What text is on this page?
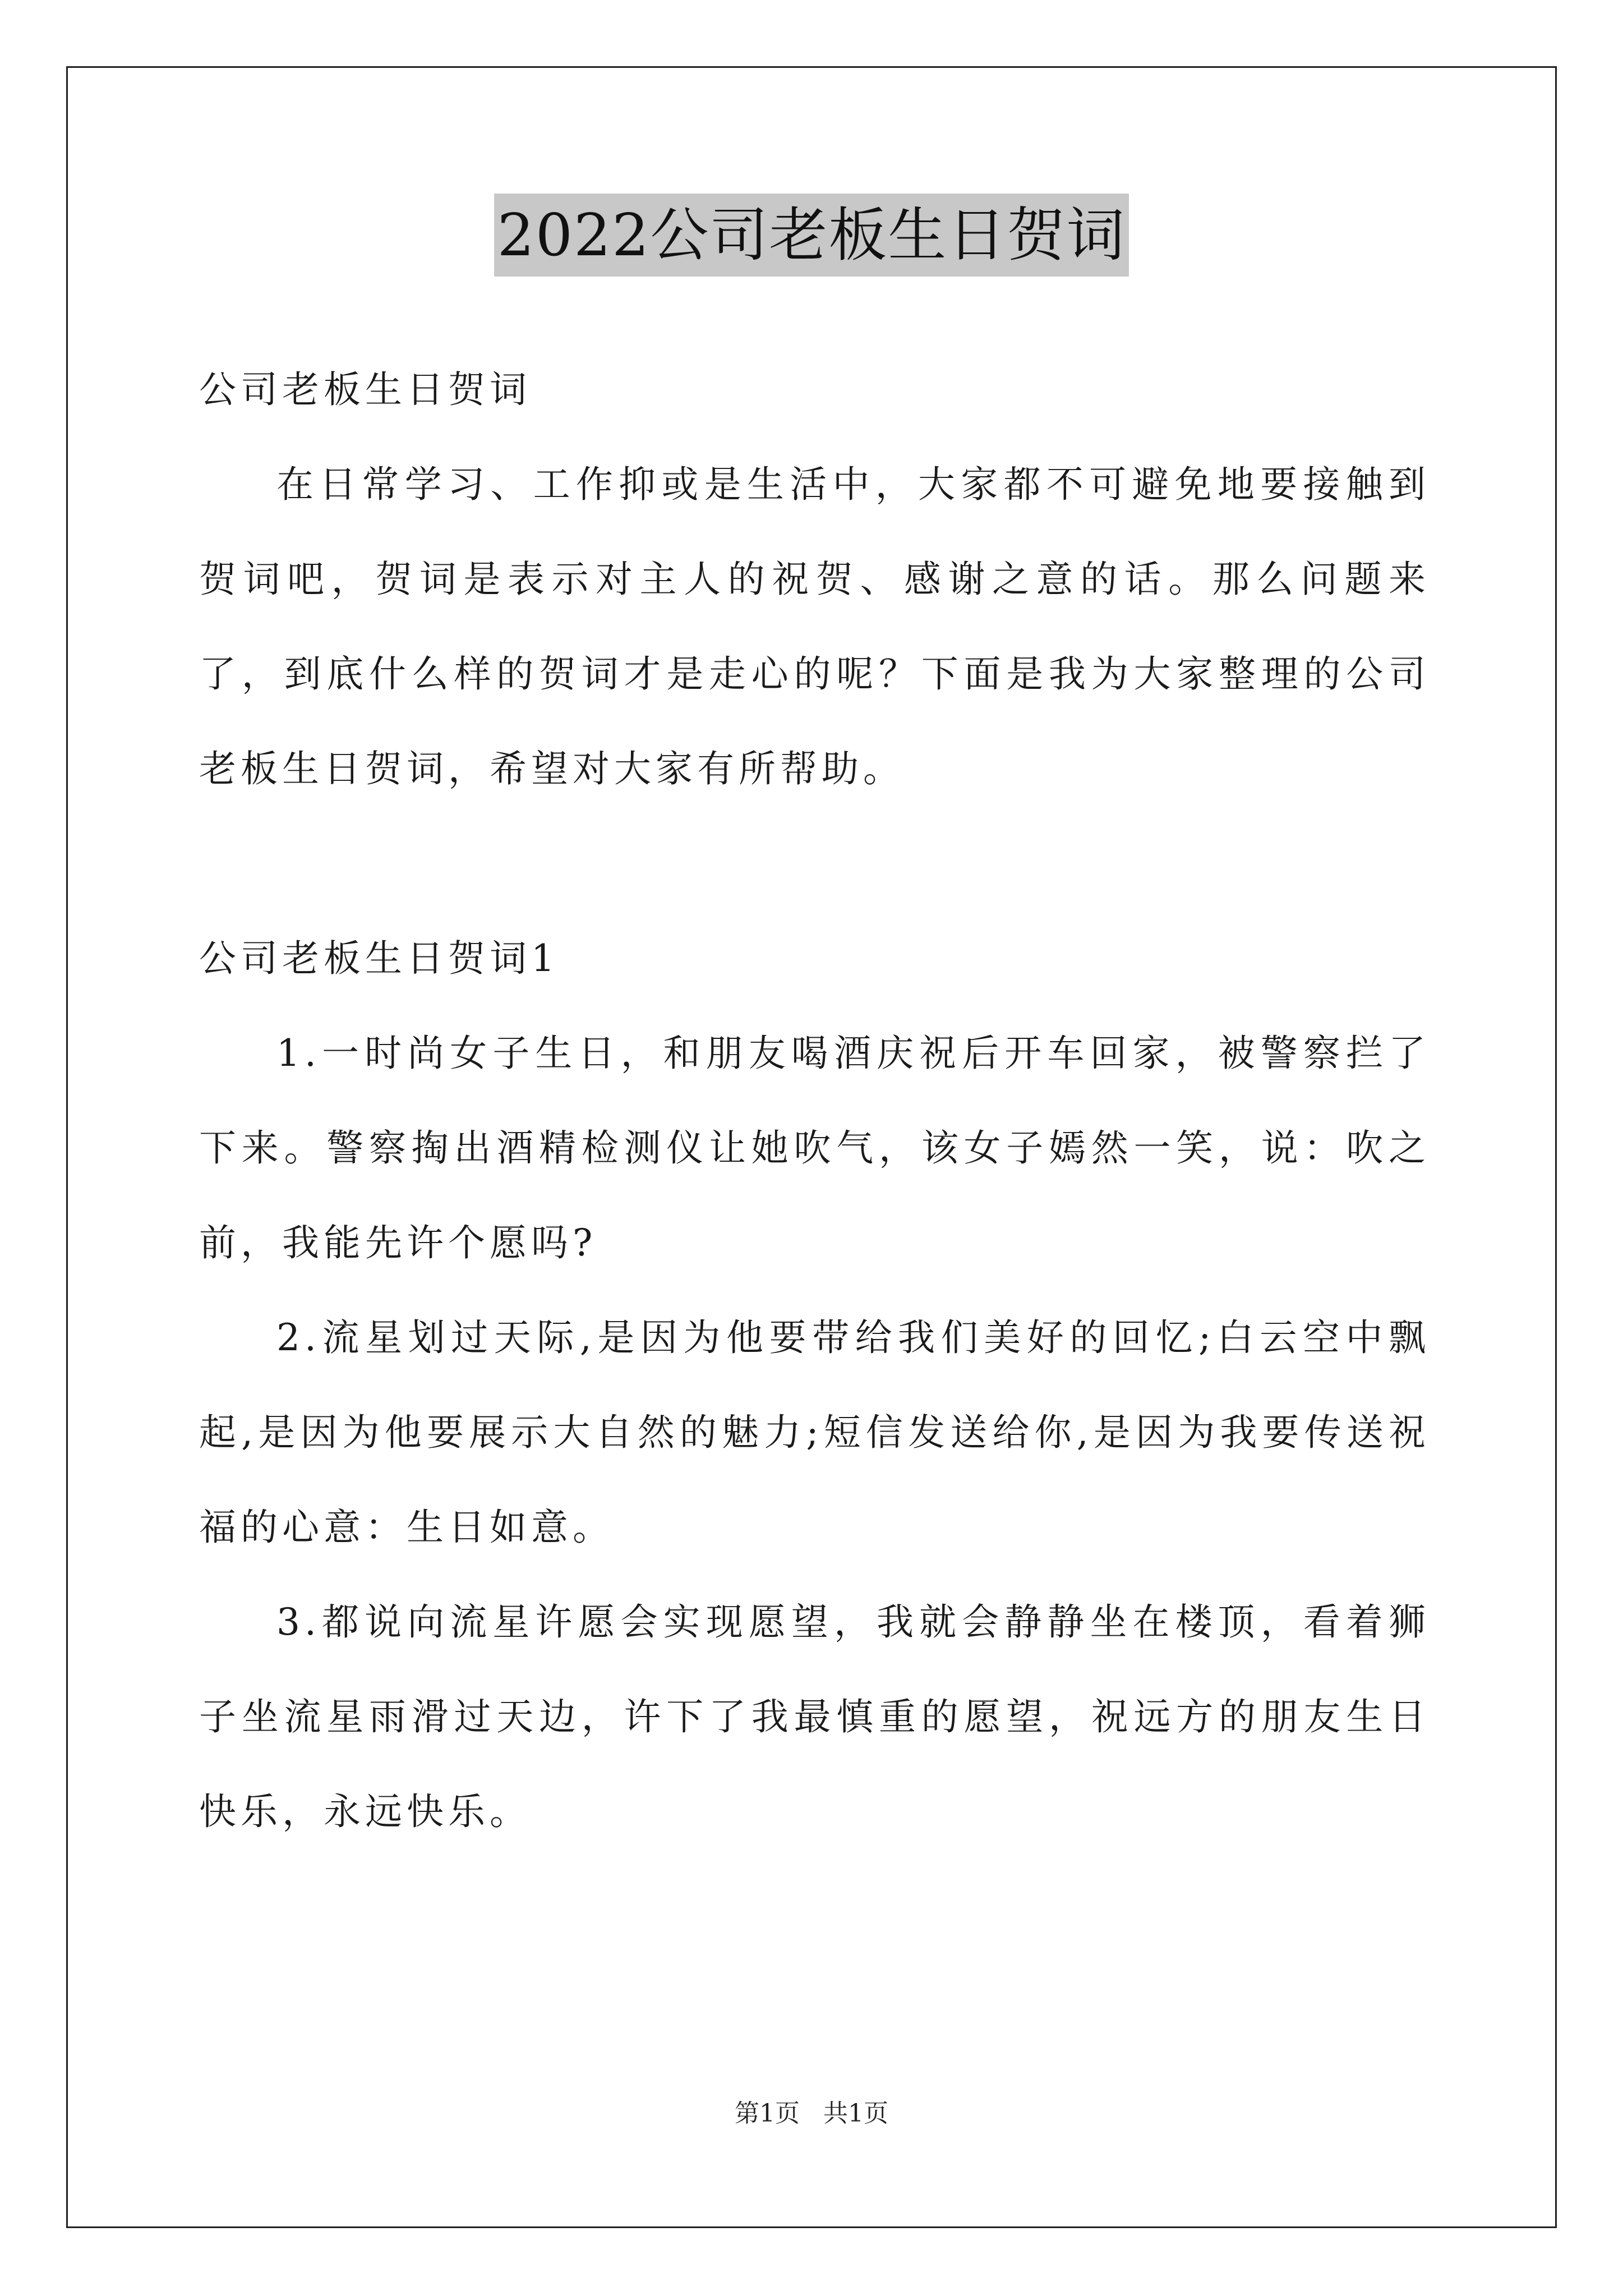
2022公司老板生日贺词

公司老板生日贺词

在日常学习、工作抑或是生活中，大家都不可避免地要接触到贺词吧，贺词是表示对主人的祝贺、感谢之意的话。那么问题来了，到底什么样的贺词才是走心的呢？下面是我为大家整理的公司老板生日贺词，希望对大家有所帮助。

公司老板生日贺词1

1.一时尚女子生日，和朋友喝酒庆祝后开车回家，被警察拦了下来。警察掏出酒精检测仪让她吹气，该女子嫣然一笑，说：吹之前，我能先许个愿吗?

2.流星划过天际,是因为他要带给我们美好的回忆;白云空中飘起,是因为他要展示大自然的魅力;短信发送给你,是因为我要传送祝福的心意：生日如意。

3.都说向流星许愿会实现愿望，我就会静静坐在楼顶，看着狮子坐流星雨滑过天边，许下了我最慎重的愿望，祝远方的朋友生日快乐，永远快乐。

第1页 共1页
